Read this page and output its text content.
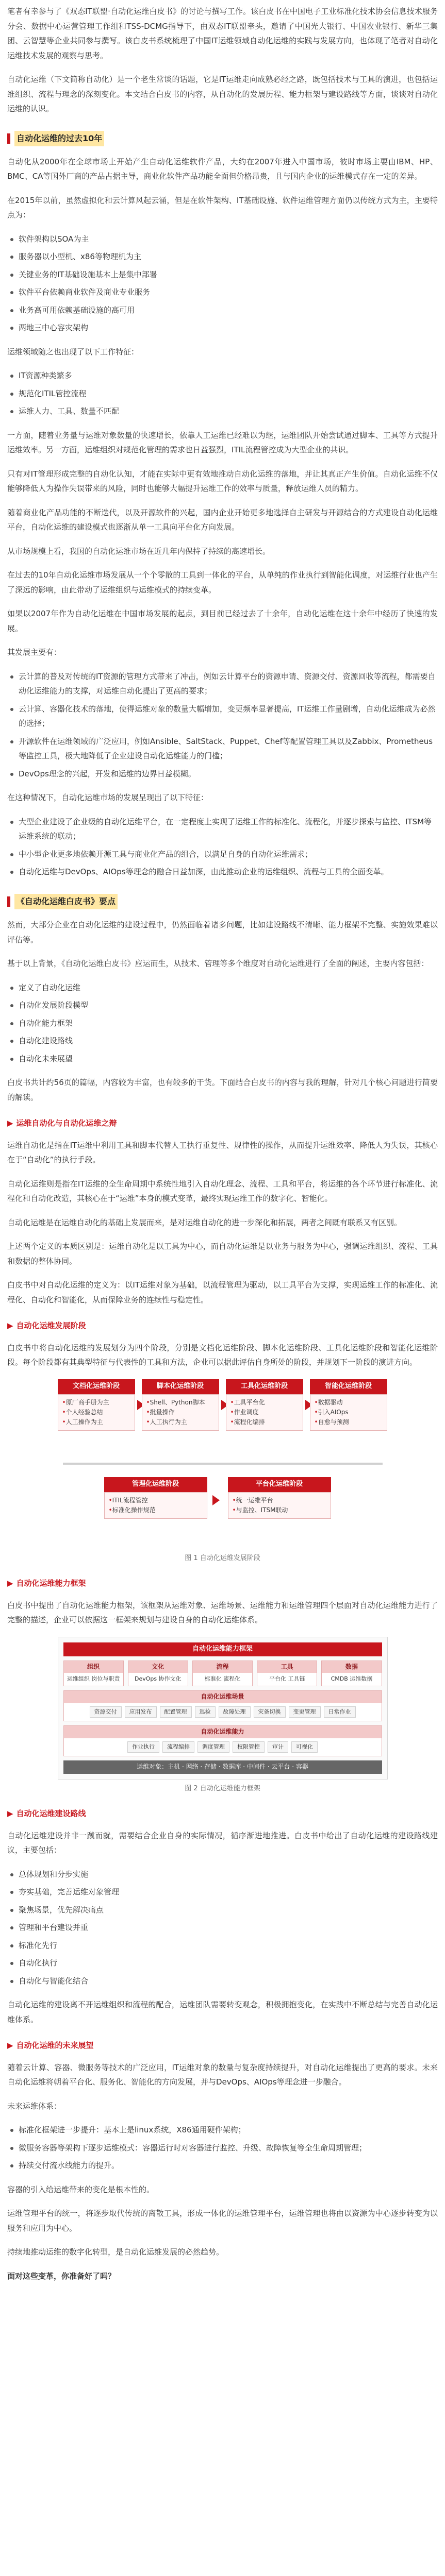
笔者有幸参与了《双态IT联盟·自动化运维白皮书》的讨论与撰写工作。该白皮书在中国电子工业标准化技术协会信息技术服务分会、数据中心运营管理工作组和TSS-DCMG指导下，由双态IT联盟牵头，邀请了中国光大银行、中国农业银行、新华三集团、云智慧等企业共同参与撰写。该白皮书系统梳理了中国IT运维领域自动化运维的实践与发展方向，也体现了笔者对自动化运维技术发展的观察与思考。

自动化运维（下文简称自动化）是一个老生常谈的话题，它是IT运维走向成熟必经之路，既包括技术与工具的演进，也包括运维组织、流程与理念的深刻变化。本文结合白皮书的内容，从自动化的发展历程、能力框架与建设路线等方面，谈谈对自动化运维的认识。

自动化运维的过去10年

自动化从2000年在全球市场上开始产生自动化运维软件产品，大约在2007年进入中国市场，彼时市场主要由IBM、HP、BMC、CA等国外厂商的产品占据主导，商业化软件产品功能全面但价格昂贵，且与国内企业的运维模式存在一定的差异。

在2015年以前，虽然虚拟化和云计算风起云涌，但是在软件架构、IT基础设施、软件运维管理方面仍以传统方式为主，主要特点为：

软件架构以SOA为主
服务器以小型机、x86等物理机为主
关键业务的IT基础设施基本上是集中部署
软件平台依赖商业软件及商业专业服务
业务高可用依赖基础设施的高可用
两地三中心容灾架构

运维领域随之也出现了以下工作特征：

IT资源种类繁多
规范化ITIL管控流程
运维人力、工具、数量不匹配

一方面，随着业务量与运维对象数量的快速增长，依靠人工运维已经难以为继，运维团队开始尝试通过脚本、工具等方式提升运维效率。另一方面，运维组织对规范化管理的需求也日益强烈，ITIL流程管控成为大型企业的共识。

只有对IT管理形成完整的自动化认知，才能在实际中更有效地推动自动化运维的落地，并让其真正产生价值。自动化运维不仅能够降低人为操作失误带来的风险，同时也能够大幅提升运维工作的效率与质量，释放运维人员的精力。

随着商业化产品功能的不断迭代，以及开源软件的兴起，国内企业开始更多地选择自主研发与开源结合的方式建设自动化运维平台，自动化运维的建设模式也逐渐从单一工具向平台化方向发展。

从市场规模上看，我国的自动化运维市场在近几年内保持了持续的高速增长。

在过去的10年自动化运维市场发展从一个个零散的工具到一体化的平台，从单纯的作业执行到智能化调度，对运维行业也产生了深远的影响，由此带动了运维组织与运维模式的持续变革。

如果以2007年作为自动化运维在中国市场发展的起点，到目前已经过去了十余年，自动化运维在这十余年中经历了快速的发展。

其发展主要有：

云计算的普及对传统的IT资源的管理方式带来了冲击，例如云计算平台的资源申请、资源交付、资源回收等流程，都需要自动化运维能力的支撑，对运维自动化提出了更高的要求；
云计算、容器化技术的落地，使得运维对象的数量大幅增加，变更频率显著提高，IT运维工作量剧增，自动化运维成为必然的选择；
开源软件在运维领域的广泛应用，例如Ansible、SaltStack、Puppet、Chef等配置管理工具以及Zabbix、Prometheus等监控工具，极大地降低了企业建设自动化运维能力的门槛；
DevOps理念的兴起，开发和运维的边界日益模糊。

在这种情况下，自动化运维市场的发展呈现出了以下特征：

大型企业建设了企业级的自动化运维平台，在一定程度上实现了运维工作的标准化、流程化，并逐步探索与监控、ITSM等运维系统的联动；
中小型企业更多地依赖开源工具与商业化产品的组合，以满足自身的自动化运维需求；
自动化运维与DevOps、AIOps等理念的融合日益加深，由此推动企业的运维组织、流程与工具的全面变革。
《自动化运维白皮书》要点

然而，大部分企业在自动化运维的建设过程中，仍然面临着诸多问题，比如建设路线不清晰、能力框架不完整、实施效果难以评估等。

基于以上背景，《自动化运维白皮书》应运而生，从技术、管理等多个维度对自动化运维进行了全面的阐述，主要内容包括：

定义了自动化运维
自动化发展阶段模型
自动化能力框架
自动化建设路线
自动化未来展望

白皮书共计约56页的篇幅，内容较为丰富，也有较多的干货。下面结合白皮书的内容与我的理解，针对几个核心问题进行简要的解读。

▶ 运维自动化与自动化运维之辩

运维自动化是指在IT运维中利用工具和脚本代替人工执行重复性、规律性的操作，从而提升运维效率、降低人为失误，其核心在于“自动化”的执行手段。

自动化运维则是指在IT运维的全生命周期中系统性地引入自动化理念、流程、工具和平台，将运维的各个环节进行标准化、流程化和自动化改造，其核心在于“运维”本身的模式变革，最终实现运维工作的数字化、智能化。

自动化运维是在运维自动化的基础上发展而来，是对运维自动化的进一步深化和拓展，两者之间既有联系又有区别。

上述两个定义的本质区别是：运维自动化是以工具为中心，而自动化运维是以业务与服务为中心，强调运维组织、流程、工具和数据的整体协同。

白皮书中对自动化运维的定义为：以IT运维对象为基础，以流程管理为驱动，以工具平台为支撑，实现运维工作的标准化、流程化、自动化和智能化，从而保障业务的连续性与稳定性。

▶ 自动化运维发展阶段

白皮书中将自动化运维的发展划分为四个阶段，分别是文档化运维阶段、脚本化运维阶段、工具化运维阶段和智能化运维阶段。每个阶段都有其典型特征与代表性的工具和方法，企业可以据此评估自身所处的阶段，并规划下一阶段的演进方向。

文档化运维阶段
• 原厂商手册为主
• 个人经验总结
• 人工操作为主
脚本化运维阶段
• Shell、Python脚本
• 批量操作
• 人工执行为主
工具化运维阶段
• 工具平台化
• 作业调度
• 流程化编排
智能化运维阶段
• 数据驱动
• 引入AIOps
• 自愈与预测
管理化运维阶段
• ITIL流程管控
• 标准化操作规范
平台化运维阶段
• 统一运维平台
• 与监控、ITSM联动
图 1 自动化运维发展阶段
▶ 自动化运维能力框架

白皮书中提出了自动化运维能力框架，该框架从运维对象、运维场景、运维能力和运维管理四个层面对自动化运维能力进行了完整的描述，企业可以依据这一框架来规划与建设自身的自动化运维体系。

自动化运维能力框架
组织
运维组织 岗位与职责
文化
DevOps 协作文化
流程
标准化 流程化
工具
平台化 工具链
数据
CMDB 运维数据
自动化运维场景
资源交付	应用发布	配置管理	巡检	故障处理	灾备切换	变更管理	日常作业
自动化运维能力
作业执行	流程编排	调度管理	权限管控	审计	可视化
运维对象：主机 · 网络 · 存储 · 数据库 · 中间件 · 云平台 · 容器
图 2 自动化运维能力框架
▶ 自动化运维建设路线

自动化运维建设并非一蹴而就，需要结合企业自身的实际情况，循序渐进地推进。白皮书中给出了自动化运维的建设路线建议，主要包括：

总体规划和分步实施
夯实基础，完善运维对象管理
聚焦场景，优先解决痛点
管理和平台建设并重
标准化先行
自动化执行
自动化与智能化结合

自动化运维的建设离不开运维组织和流程的配合，运维团队需要转变观念，积极拥抱变化，在实践中不断总结与完善自动化运维体系。

▶ 自动化运维的未来展望

随着云计算、容器、微服务等技术的广泛应用，IT运维对象的数量与复杂度持续提升，对自动化运维提出了更高的要求。未来自动化运维将朝着平台化、服务化、智能化的方向发展，并与DevOps、AIOps等理念进一步融合。

未来运维体系：

标准化框架进一步提升：基本上是linux系统，X86通用硬件架构；
微服务容器等架构下逐步运维模式：容器运行时对容器进行监控、升级、故障恢复等全生命周期管理；
持续交付流水线能力的提升。

容器的引入给运维带来的变化是根本性的。

运维管理平台的统一，将逐步取代传统的离散工具，形成一体化的运维管理平台，运维管理也将由以资源为中心逐步转变为以服务和应用为中心。

持续地推动运维的数字化转型，是自动化运维发展的必然趋势。

面对这些变革，你准备好了吗？
